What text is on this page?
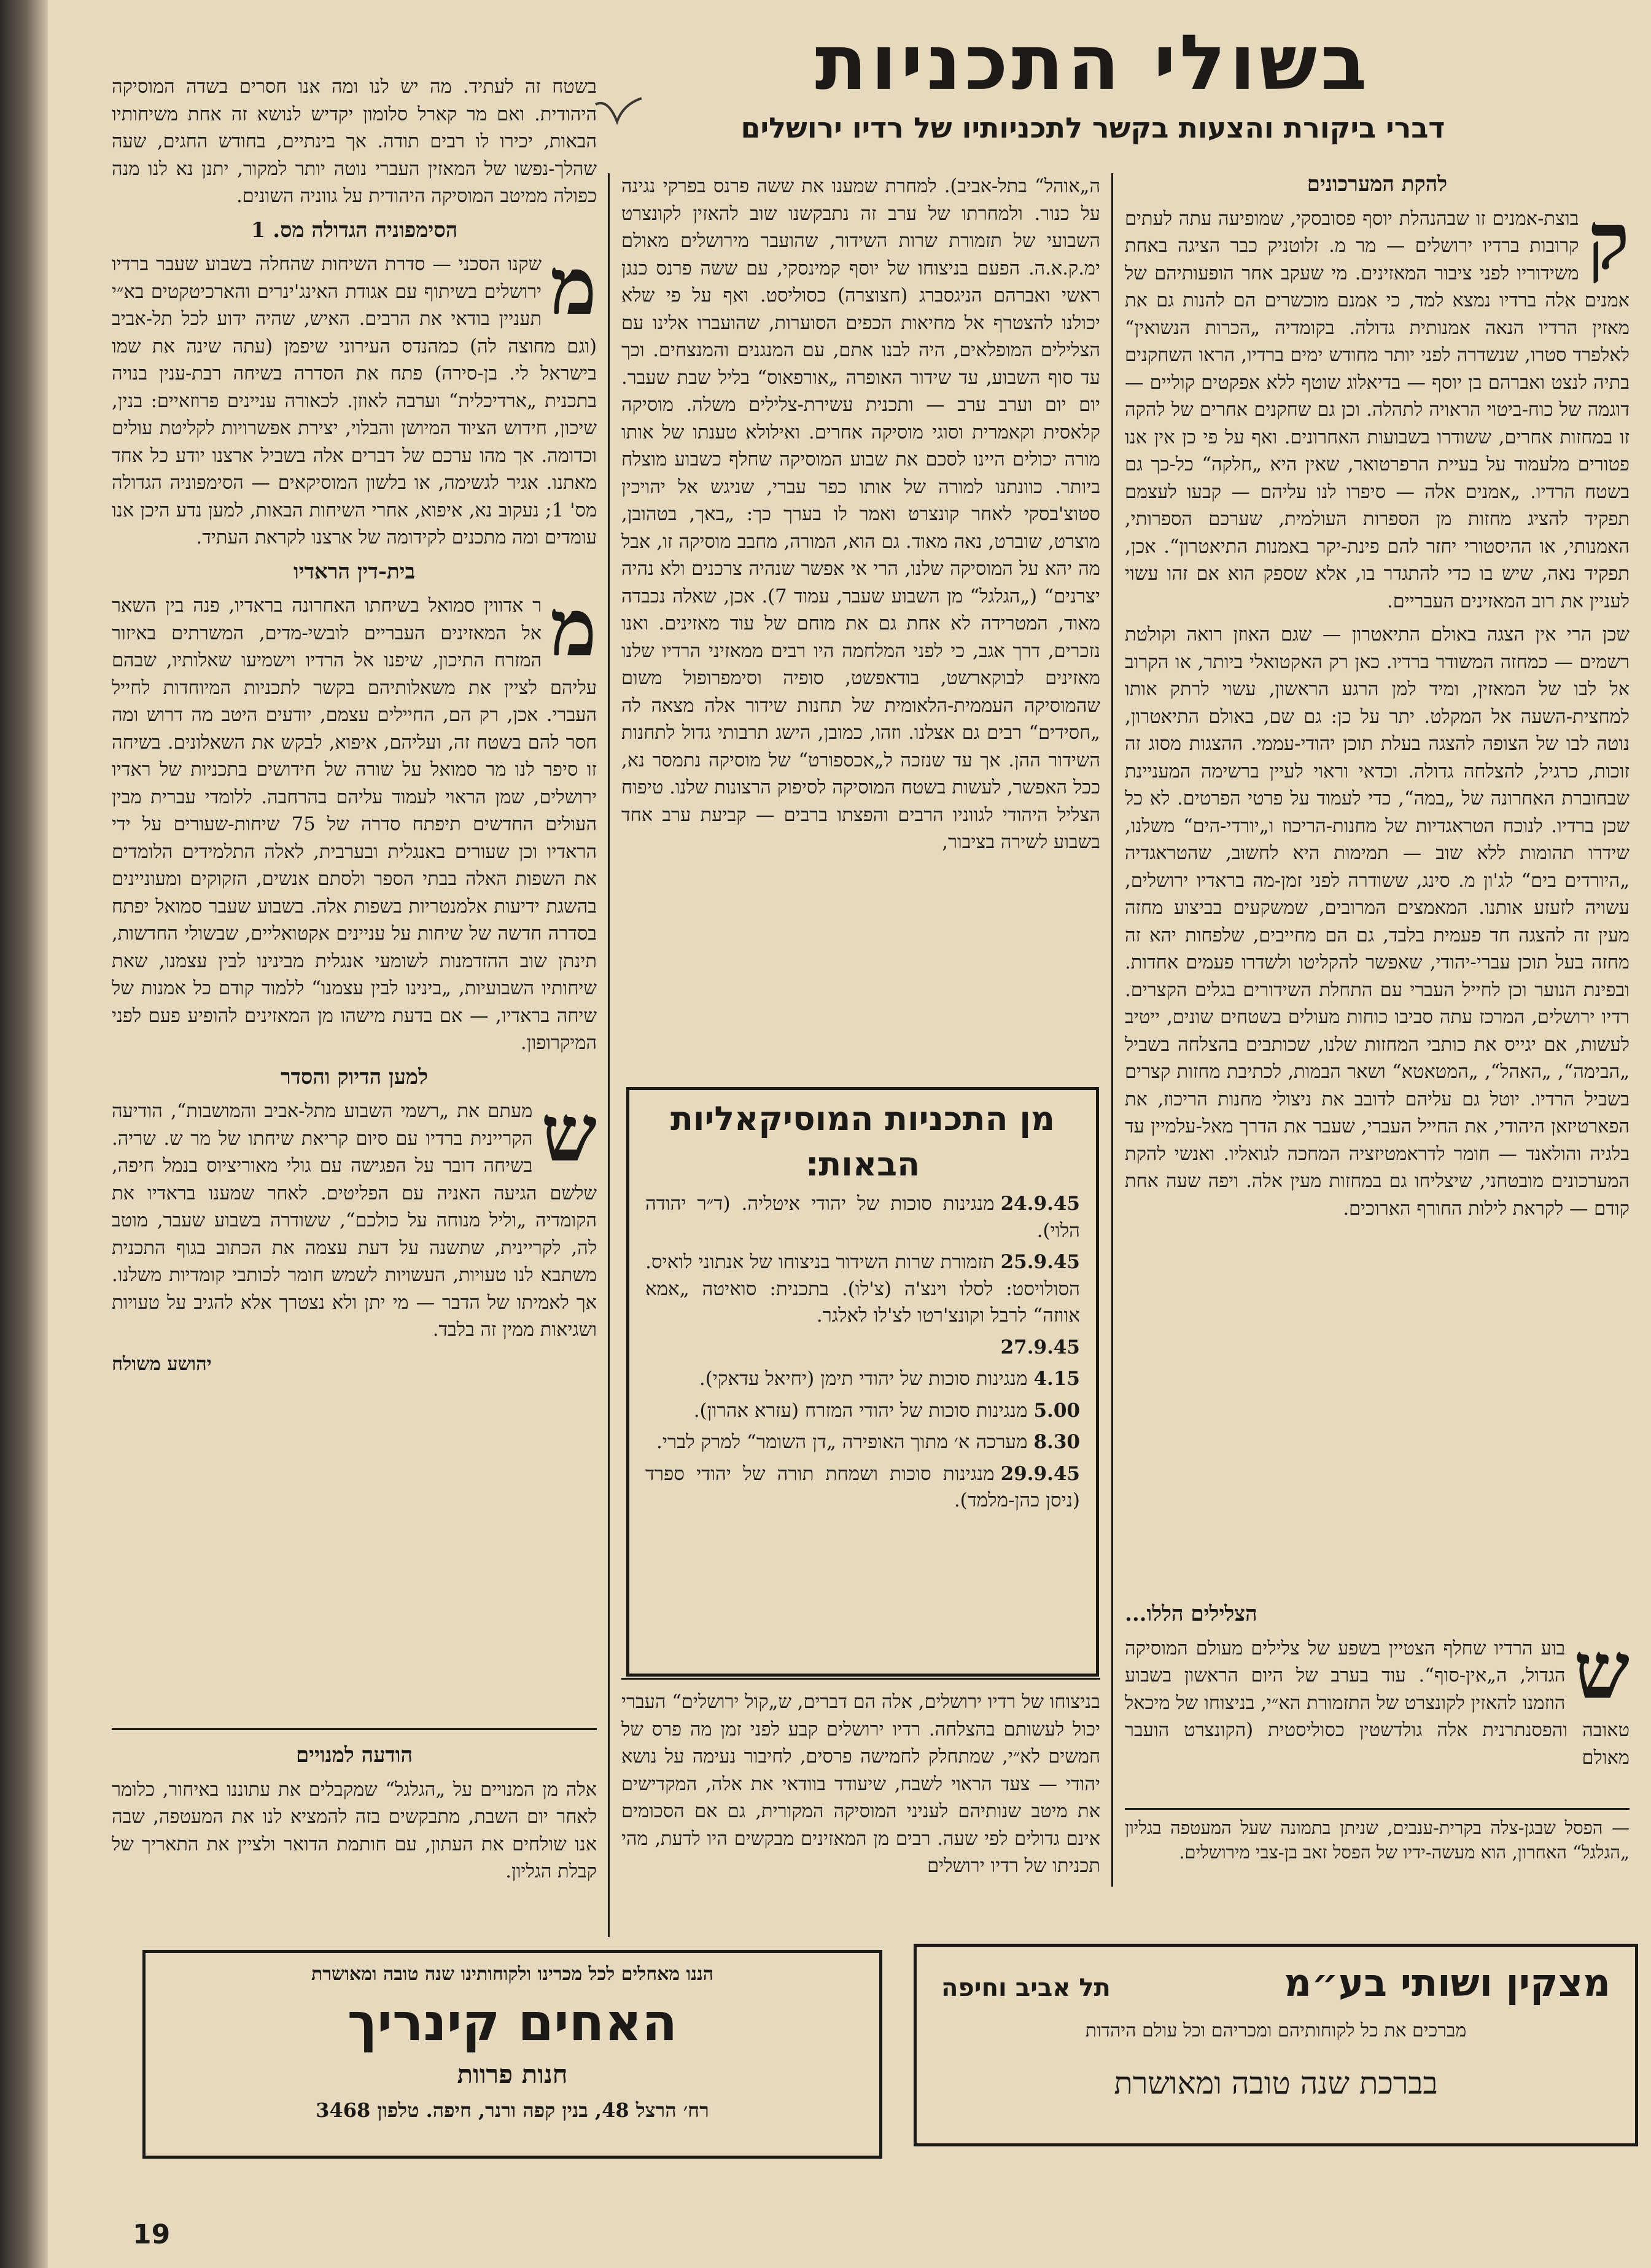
בשולי התכניות
דברי ביקורת והצעות בקשר לתכניותיו של רדיו ירושלים
להקת המערכונים
ק

בוצת-אמנים זו שבהנהלת יוסף פסובסקי, שמופיעה עתה לעתים קרובות ברדיו ירושלים — מר מ. זלוטניק כבר הציגה באחת משידוריו לפני ציבור המאזינים. מי שעקב אחר הופעותיהם של אמנים אלה ברדיו נמצא למד, כי אמנם מוכשרים הם להנות גם את מאזין הרדיו הנאה אמנותית גדולה. בקומדיה „הכרות הנשואין“ לאלפרד סטרו, שנשדרה לפני יותר מחודש ימים ברדיו, הראו השחקנים בתיה לנצט ואברהם בן יוסף — בדיאלוג שוטף ללא אפקטים קוליים — דוגמה של כוח-ביטוי הראויה לתהלה. וכן גם שחקנים אחרים של להקה זו במחזות אחרים, ששודרו בשבועות האחרונים. ואף על פי כן אין אנו פטורים מלעמוד על בעיית הרפרטואר, שאין היא „חלקה“ כל-כך גם בשטח הרדיו. „אמנים אלה — סיפרו לנו עליהם — קבעו לעצמם תפקיד להציג מחזות מן הספרות העולמית, שערכם הספרותי, האמנותי, או ההיסטורי יחזר להם פינת-יקר באמנות התיאטרון“. אכן, תפקיד נאה, שיש בו כדי להתגדר בו, אלא שספק הוא אם זהו עשוי לעניין את רוב המאזינים העבריים.

שכן הרי אין הצגה באולם התיאטרון — שגם האוזן רואה וקולטת רשמים — כמחזה המשודר ברדיו. כאן רק האקטואלי ביותר, או הקרוב אל לבו של המאזין, ומיד למן הרגע הראשון, עשוי לרתק אותו למחצית-השעה אל המקלט. יתר על כן: גם שם, באולם התיאטרון, נוטה לבו של הצופה להצגה בעלת תוכן יהודי-עממי. ההצגות מסוג זה זוכות, כרגיל, להצלחה גדולה. וכדאי וראוי לעיין ברשימה המעניינת שבחוברת האחרונה של „במה“, כדי לעמוד על פרטי הפרטים. לא כל שכן ברדיו. לנוכח הטראגדיות של מחנות-הריכוז ו„יורדי-הים“ משלנו, שידרו תהומות ללא שוב — תמימות היא לחשוב, שהטראגדיה „היורדים בים“ לג'ון מ. סינג, ששודרה לפני זמן-מה בראדיו ירושלים, עשויה לזעזע אותנו. המאמצים המרובים, שמשקעים בביצוע מחזה מעין זה להצגה חד פעמית בלבד, גם הם מחייבים, שלפחות יהא זה מחזה בעל תוכן עברי-יהודי, שאפשר להקליטו ולשדרו פעמים אחדות. ובפינת הנוער וכן לחייל העברי עם התחלת השידורים בגלים הקצרים. רדיו ירושלים, המרכז עתה סביבו כוחות מעולים בשטחים שונים, ייטיב לעשות, אם יגייס את כותבי המחזות שלנו, שכותבים בהצלחה בשביל „הבימה“, „האהל“, „המטאטא“ ושאר הבמות, לכתיבת מחזות קצרים בשביל הרדיו. יוטל גם עליהם לדובב את ניצולי מחנות הריכוז, את הפארטיזאן היהודי, את החייל העברי, שעבר את הדרך מאל-עלמיין עד בלגיה והולאנד — חומר לדראמטיזציה המחכה לגואליו. ואנשי להקת המערכונים מובטחני, שיצליחו גם במחזות מעין אלה. ויפה שעה אחת קודם — לקראת לילות החורף הארוכים.

הצלילים הללו...
ש

בוע הרדיו שחלף הצטיין בשפע של צלילים מעולם המוסיקה הגדול, ה„אין-סוף“. עוד בערב של היום הראשון בשבוע הוזמנו להאזין לקונצרט של התזמורת הא״י, בניצוחו של מיכאל טאובה והפסנתרנית אלה גולדשטין כסוליסטית (הקונצרט הועבר מאולם

— הפסל שבגן-צלה בקרית-ענבים, שניתן בתמונה שעל המעטפה בגליון „הגלגל“ האחרון, הוא מעשה-ידיו של הפסל זאב בן-צבי מירושלים.

ה„אוהל“ בתל-אביב). למחרת שמענו את ששה פרנס בפרקי נגינה על כנור. ולמחרתו של ערב זה נתבקשנו שוב להאזין לקונצרט השבועי של תזמורת שרות השידור, שהועבר מירושלים מאולם ימ.ק.א.ה. הפעם בניצוחו של יוסף קמינסקי, עם ששה פרנס כנגן ראשי ואברהם הניגסברג (חצוצרה) כסוליסט. ואף על פי שלא יכולנו להצטרף אל מחיאות הכפים הסוערות, שהועברו אלינו עם הצלילים המופלאים, היה לבנו אתם, עם המנגנים והמנצחים. וכך עד סוף השבוע, עד שידור האופרה „אורפאוס“ בליל שבת שעבר. יום יום וערב ערב — ותכנית עשירת-צלילים משלה. מוסיקה קלאסית וקאמרית וסוגי מוסיקה אחרים. ואילולא טענתו של אותו מורה יכולים היינו לסכם את שבוע המוסיקה שחלף כשבוע מוצלח ביותר. כוונתנו למורה של אותו כפר עברי, שניגש אל יהויכין סטוצ'בסקי לאחר קונצרט ואמר לו בערך כך: „באך, בטהובן, מוצרט, שוברט, נאה מאוד. גם הוא, המורה, מחבב מוסיקה זו, אבל מה יהא על המוסיקה שלנו, הרי אי אפשר שנהיה צרכנים ולא נהיה יצרנים“ („הגלגל“ מן השבוע שעבר, עמוד 7). אכן, שאלה נכבדה מאוד, המטרידה לא אחת גם את מוחם של עוד מאזינים. ואנו נזכרים, דרך אגב, כי לפני המלחמה היו רבים ממאזיני הרדיו שלנו מאזינים לבוקארשט, בודאפשט, סופיה וסימפרופול משום שהמוסיקה העממית-הלאומית של תחנות שידור אלה מצאה לה „חסידים“ רבים גם אצלנו. וזהו, כמובן, הישג תרבותי גדול לתחנות השידור ההן. אך עד שנזכה ל„אכספורט“ של מוסיקה נתמסר נא, ככל האפשר, לעשות בשטח המוסיקה לסיפוק הרצונות שלנו. טיפוח הצליל היהודי לגווניו הרבים והפצתו ברבים — קביעת ערב אחד בשבוע לשירה בציבור,

מן התכניות המוסיקאליות הבאות:
24.9.45מנגינות סוכות של יהודי איטליה. (ד״ר יהודה הלוי).
25.9.45תזמורת שרות השידור בניצוחו של אנתוני לואיס. הסולויסט: לסלו וינצ'ה (צ'לו). בתכנית: סואיטה „אמא אווזה“ לרבל וקונצ'רטו לצ'לו לאלגר.
27.9.45
4.15מנגינות סוכות של יהודי תימן (יחיאל עדאקי).
5.00מנגינות סוכות של יהודי המזרח (עזרא אהרון).
8.30מערכה א׳ מתוך האופירה „דן השומר“ למרק לברי.
29.9.45מנגינות סוכות ושמחת תורה של יהודי ספרד (ניסן כהן-מלמד).

בניצוחו של רדיו ירושלים, אלה הם דברים, ש„קול ירושלים“ העברי יכול לעשותם בהצלחה. רדיו ירושלים קבע לפני זמן מה פרס של חמשים לא״י, שמתחלק לחמישה פרסים, לחיבור נעימה על נושא יהודי — צעד הראוי לשבח, שיעודד בוודאי את אלה, המקדישים את מיטב שנותיהם לעניני המוסיקה המקורית, גם אם הסכומים אינם גדולים לפי שעה. רבים מן המאזינים מבקשים היו לדעת, מהי תכניתו של רדיו ירושלים

בשטח זה לעתיד. מה יש לנו ומה אנו חסרים בשדה המוסיקה היהודית. ואם מר קארל סלומון יקדיש לנושא זה אחת משיחותיו הבאות, יכירו לו רבים תודה. אך בינתיים, בחודש החגים, שעה שהלך-נפשו של המאזין העברי נוטה יותר למקור, יתנן נא לנו מנה כפולה ממיטב המוסיקה היהודית על גווניה השונים.

הסימפוניה הגדולה מס. 1
מ

שקנו הסכני — סדרת השיחות שהחלה בשבוע שעבר ברדיו ירושלים בשיתוף עם אגודת האינג'ינרים והארכיטקטים בא״י תעניין בודאי את הרבים. האיש, שהיה ידוע לכל תל-אביב (וגם מחוצה לה) כמהנדס העירוני שיפמן (עתה שינה את שמו בישראל לי. בן-סירה) פתח את הסדרה בשיחה רבת-ענין בנויה בתכנית „ארדיכלית“ וערבה לאוזן. לכאורה עניינים פרוזאיים: בנין, שיכון, חידוש הציוד המיושן והבלוי, יצירת אפשרויות לקליטת עולים וכדומה. אך מהו ערכם של דברים אלה בשביל ארצנו יודע כל אחד מאתנו. אגיר לגשימה, או בלשון המוסיקאים — הסימפוניה הגדולה מס' 1; נעקוב נא, איפוא, אחרי השיחות הבאות, למען נדע היכן אנו עומדים ומה מתכנים לקידומה של ארצנו לקראת העתיד.

בית-דין הראדיו
מ

ר אדווין סמואל בשיחתו האחרונה בראדיו, פנה בין השאר אל המאזינים העבריים לובשי-מדים, המשרתים באיזור המזרח התיכון, שיפנו אל הרדיו וישמיעו שאלותיו, שבהם עליהם לציין את משאלותיהם בקשר לתכניות המיוחדות לחייל העברי. אכן, רק הם, החיילים עצמם, יודעים היטב מה דרוש ומה חסר להם בשטח זה, ועליהם, איפוא, לבקש את השאלונים. בשיחה זו סיפר לנו מר סמואל על שורה של חידושים בתכניות של ראדיו ירושלים, שמן הראוי לעמוד עליהם בהרחבה. ללומדי עברית מבין העולים החדשים תיפתח סדרה של 75 שיחות-שעורים על ידי הראדיו וכן שעורים באנגלית ובערבית, לאלה התלמידים הלומדים את השפות האלה בבתי הספר ולסתם אנשים, הזקוקים ומעוניינים בהשגת ידיעות אלמנטריות בשפות אלה. בשבוע שעבר סמואל יפתח בסדרה חדשה של שיחות על עניינים אקטואליים, שבשולי החדשות, תינתן שוב ההזדמנות לשומעי אנגלית מבינינו לבין עצמנו, שאת שיחותיו השבועיות, „בינינו לבין עצמנו“ ללמוד קודם כל אמנות של שיחה בראדיו, — אם בדעת מישהו מן המאזינים להופיע פעם לפני המיקרופון.

למען הדיוק והסדר
ש

מעתם את „רשמי השבוע מתל-אביב והמושבות“, הודיעה הקריינית ברדיו עם סיום קריאת שיחתו של מר ש. שריה. בשיחה דובר על הפגישה עם גולי מאוריציוס בנמל חיפה, שלשם הגיעה האניה עם הפליטים. לאחר שמענו בראדיו את הקומדיה „וליל מנוחה על כולכם“, ששודרה בשבוע שעבר, מוטב לה, לקריינית, שתשנה על דעת עצמה את הכתוב בגוף התכנית משתבא לנו טעויות, העשויות לשמש חומר לכותבי קומדיות משלנו. אך לאמיתו של הדבר — מי יתן ולא נצטרך אלא להגיב על טעויות ושגיאות ממין זה בלבד.

יהושע משולח

הודעה למנויים

אלה מן המנויים על „הגלגל“ שמקבלים את עתוננו באיחור, כלומר לאחר יום השבת, מתבקשים בזה להמציא לנו את המעטפה, שבה אנו שולחים את העתון, עם חותמת הדואר ולציין את התאריך של קבלת הגליון.

הננו מאחלים לכל מכרינו ולקוחותינו שנה טובה ומאושרת
האחים קינריך
חנות פרוות
רח׳ הרצל 48, בנין קפה ורנר, חיפה. טלפון 3468
מצקין ושותי בע״מ
תל אביב וחיפה
מברכים את כל לקוחותיהם ומכריהם וכל עולם היהדות
בברכת שנה טובה ומאושרת
19
